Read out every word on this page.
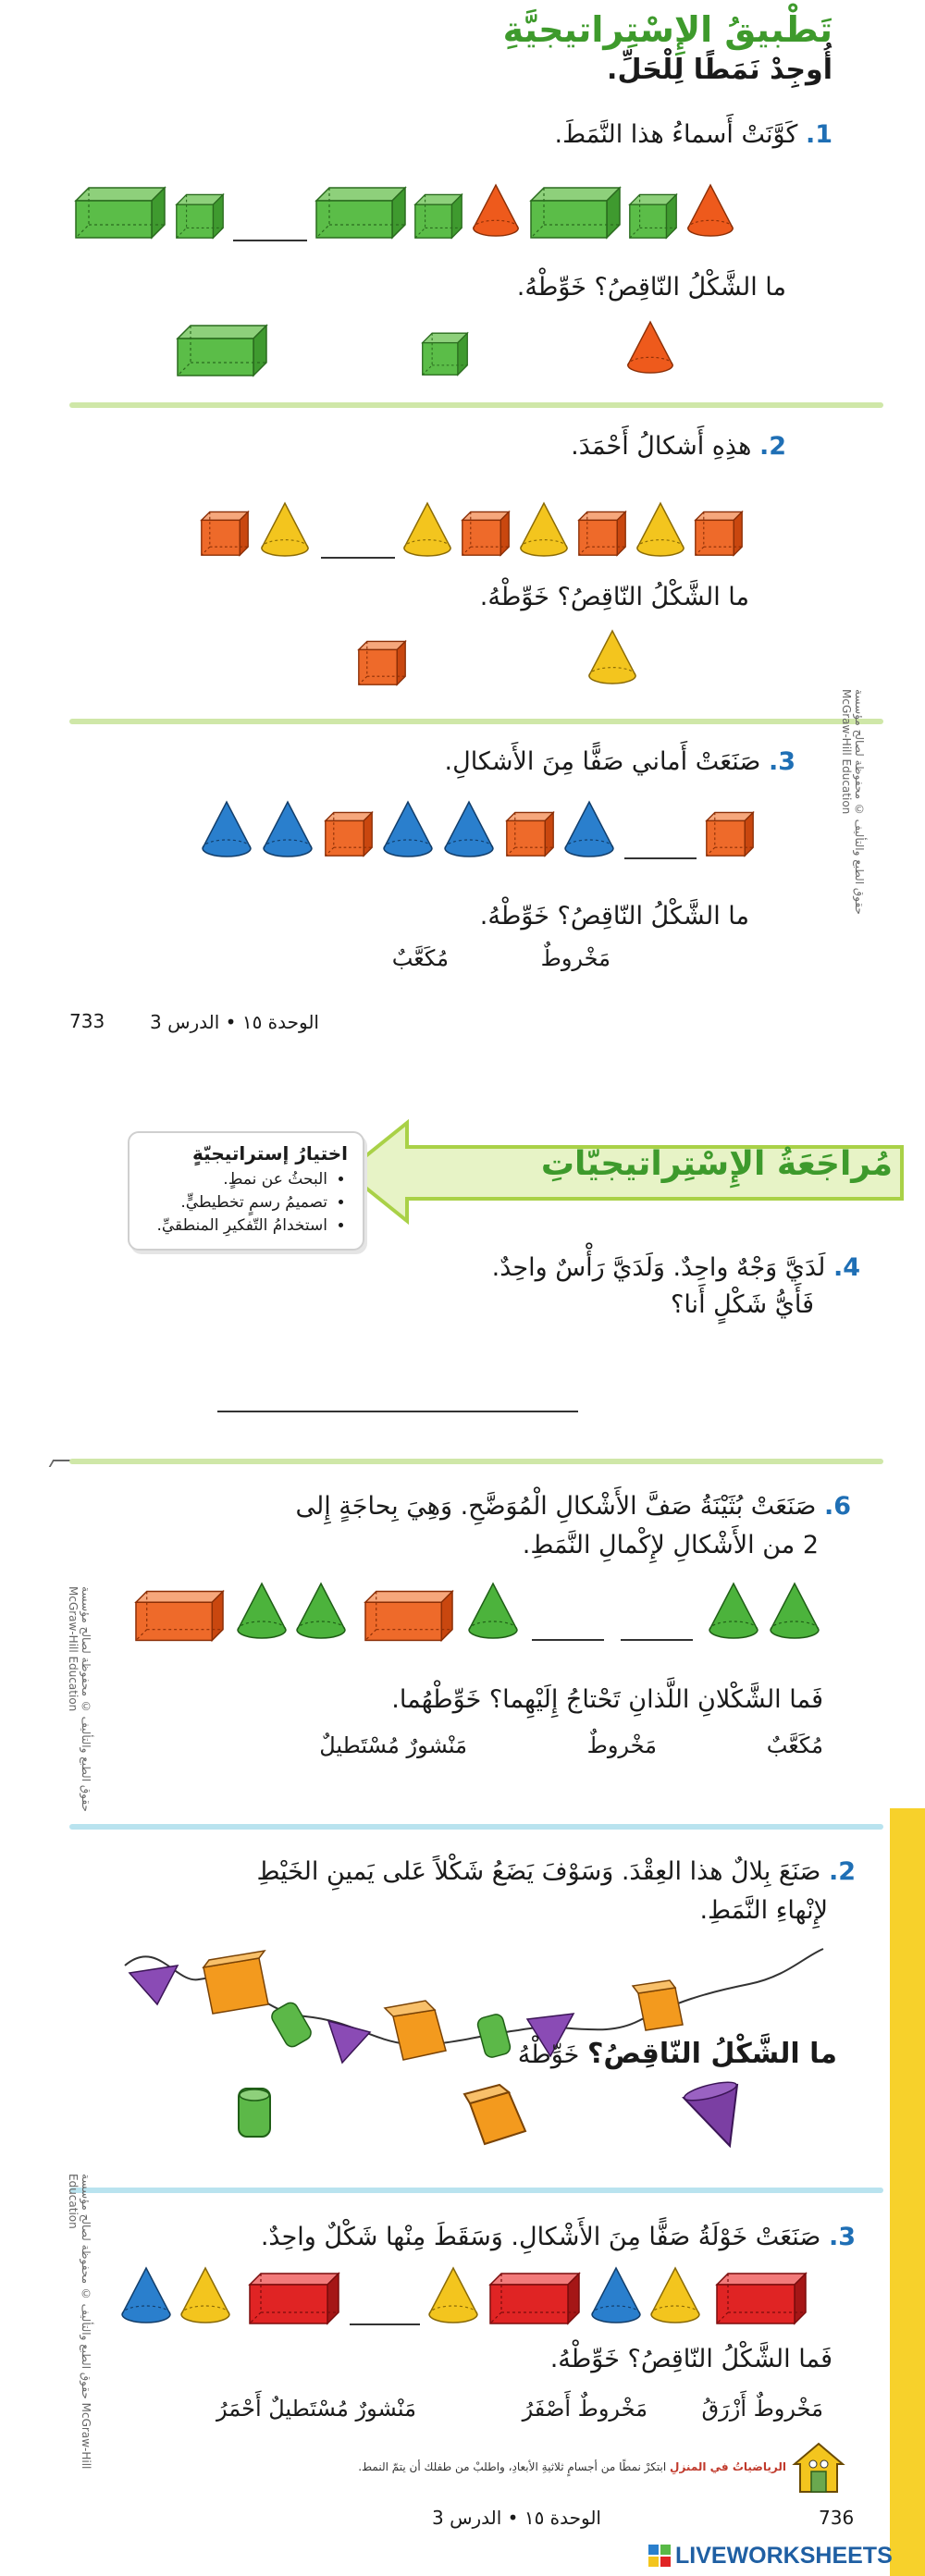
تَطْبيقُ الإِسْتِراتيجيَّةِ
أُوجِدْ نَمَطًا لِلْحَلِّ.
1. كَوَّنَتْ أَسماءُ هذا النَّمَطَ.
ما الشَّكْلُ النّاقِصُ؟ خَوِّطْهُ.
2. هذِهِ أَشكالُ أَحْمَدَ.
ما الشَّكْلُ النّاقِصُ؟ خَوِّطْهُ.
3. صَنَعَتْ أَماني صَفًّا مِنَ الأَشكالِ.
ما الشَّكْلُ النّاقِصُ؟ خَوِّطْهُ.
مَخْروطٌ
مُكَعَّبٌ
حقوق الطبع والتأليف © محفوظة لصالح مؤسسة McGraw-Hill Education
الوحدة ١٥ • الدرس 3
733
مُراجَعَةُ الإِسْتِراتيجيّاتِ
اختيارُ إستراتيجيّةٍ
• البحثُ عن نمطٍ.
• تصميمُ رسمٍ تخطيطيٍّ.
• استخدامُ التّفكيرِ المنطقيِّ.
4. لَدَيَّ وَجْهٌ واحِدٌ. وَلَدَيَّ رَأْسٌ واحِدٌ.
فَأَيُّ شَكْلٍ أَنا؟
6. صَنَعَتْ بُثَيْنَةُ صَفَّ الأَشْكالِ الْمُوَضَّحِ. وَهِيَ بِحاجَةٍ إِلى
2 من الأَشْكالِ لإِكْمالِ النَّمَطِ.
فَما الشَّكْلانِ اللَّذانِ تَحْتاجُ إِلَيْهِما؟ خَوِّطْهُما.
مُكَعَّبٌ
مَخْروطٌ
مَنْشورٌ مُسْتَطيلٌ
حقوق الطبع والتأليف © محفوظة لصالح مؤسسة McGraw-Hill Education
2. صَنَعَ بِلالٌ هذا العِقْدَ. وَسَوْفَ يَضَعُ شَكْلاً عَلى يَمينِ الخَيْطِ
لإِنْهاءِ النَّمَطِ.
ما الشَّكْلُ النّاقِصُ؟ خَوِّطْهُ
3. صَنَعَتْ خَوْلَةُ صَفًّا مِنَ الأَشْكالِ. وَسَقَطَ مِنْها شَكْلٌ واحِدٌ.
فَما الشَّكْلُ النّاقِصُ؟ خَوِّطْهُ.
مَخْروطٌ أَزْرَقُ
مَخْروطٌ أَصْفَرُ
مَنْشورٌ مُسْتَطيلٌ أَحْمَرُ
حقوق الطبع والتأليف © محفوظة لصالح مؤسسة McGraw-Hill Education
الرياضياتُ في المنزلِ ابتكرْ نمطًا من أجسامٍ ثلاثيةِ الأبعادِ، واطلبْ من طفلك أن يتمّ النمط.
الوحدة ١٥ • الدرس 3	736
LIVEWORKSHEETS
